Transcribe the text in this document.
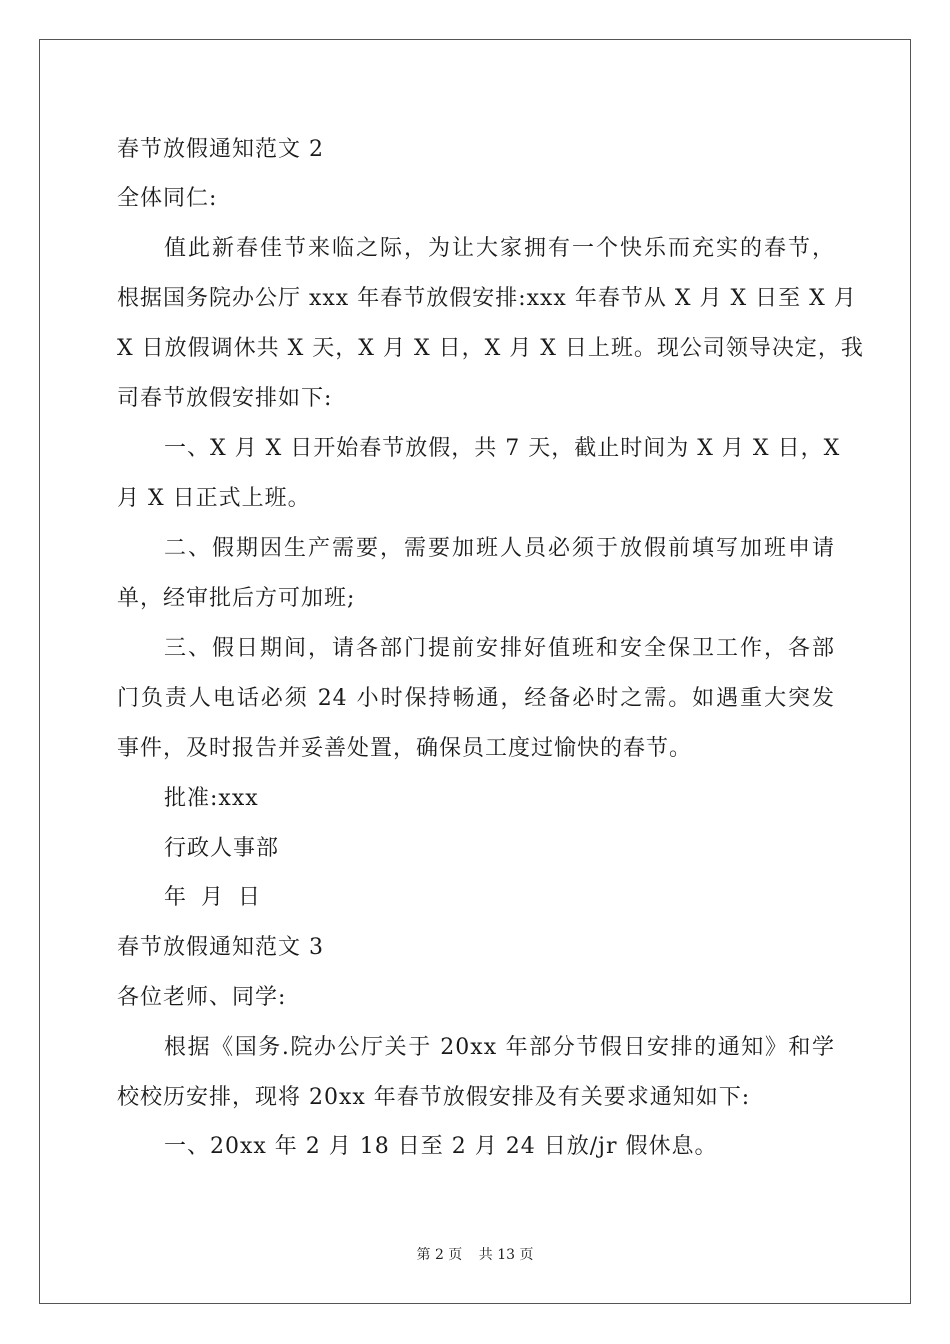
春节放假通知范文 2
全体同仁:
值此新春佳节来临之际，为让大家拥有一个快乐而充实的春节，
根据国务院办公厅 xxx 年春节放假安排:xxx 年春节从 X 月 X 日至 X 月
X 日放假调休共 X 天，X 月 X 日，X 月 X 日上班。现公司领导决定，我
司春节放假安排如下:
一、X 月 X 日开始春节放假，共 7 天，截止时间为 X 月 X 日，X
月 X 日正式上班。
二、假期因生产需要，需要加班人员必须于放假前填写加班申请
单，经审批后方可加班;
三、假日期间，请各部门提前安排好值班和安全保卫工作，各部
门负责人电话必须 24 小时保持畅通，经备必时之需。如遇重大突发
事件，及时报告并妥善处置，确保员工度过愉快的春节。
批准:xxx
行政人事部
年 月 日
春节放假通知范文 3
各位老师、同学:
根据《国务.院办公厅关于 20xx 年部分节假日安排的通知》和学
校校历安排，现将 20xx 年春节放假安排及有关要求通知如下:
一、20xx 年 2 月 18 日至 2 月 24 日放/jr 假休息。
第 2 页 共 13 页
